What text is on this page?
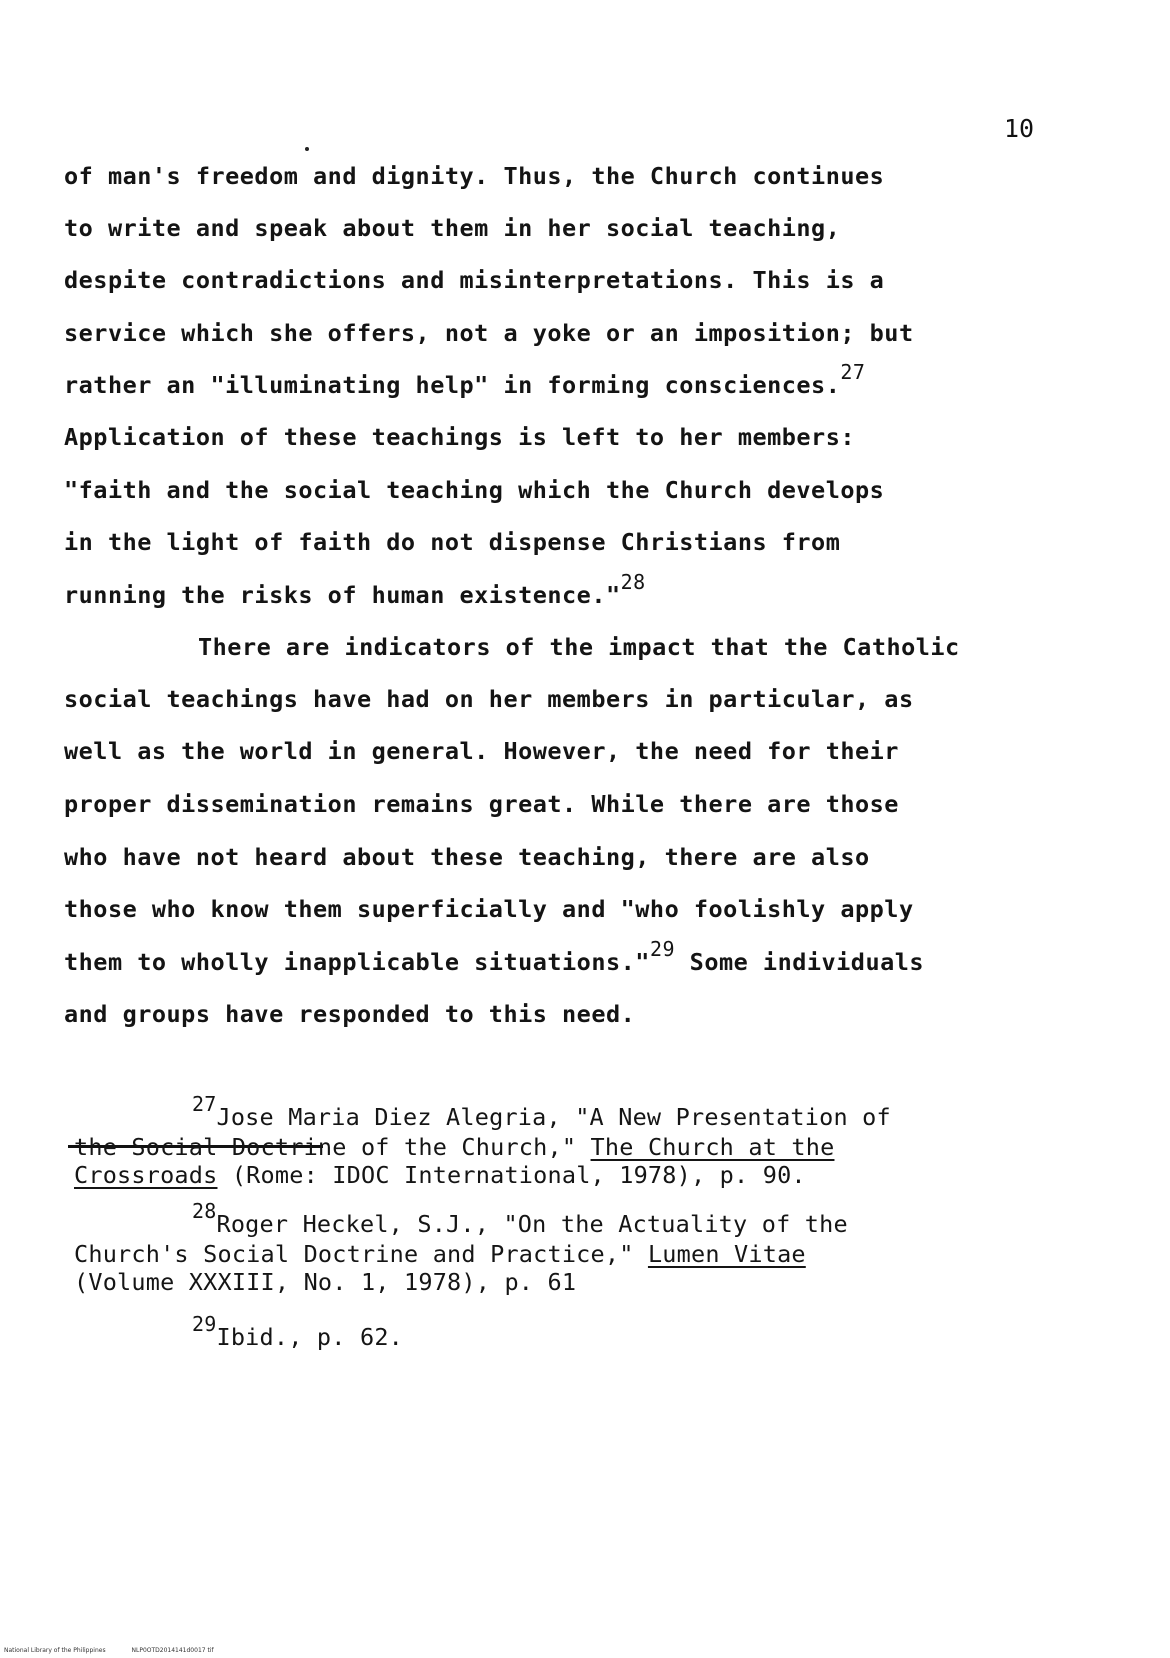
10
of man's freedom and dignity. Thus, the Church continues
to write and speak about them in her social teaching,
despite contradictions and misinterpretations. This is a
service which she offers, not a yoke or an imposition; but
rather an "illuminating help" in forming consciences.27
Application of these teachings is left to her members:
"faith and the social teaching which the Church develops
in the light of faith do not dispense Christians from
running the risks of human existence."28
There are indicators of the impact that the Catholic
social teachings have had on her members in particular, as
well as the world in general. However, the need for their
proper dissemination remains great. While there are those
who have not heard about these teaching, there are also
those who know them superficially and "who foolishly apply
them to wholly inapplicable situations."29 Some individuals
and groups have responded to this need.
27Jose Maria Diez Alegria, "A New Presentation of
the Social Doctrine of the Church," The Church at the
Crossroads (Rome: IDOC International, 1978), p. 90.
28Roger Heckel, S.J., "On the Actuality of the
Church's Social Doctrine and Practice," Lumen Vitae
(Volume XXXIII, No. 1, 1978), p. 61
29Ibid., p. 62.
National Library of the Philippines	NLP0OTD2014141d0017 tif
